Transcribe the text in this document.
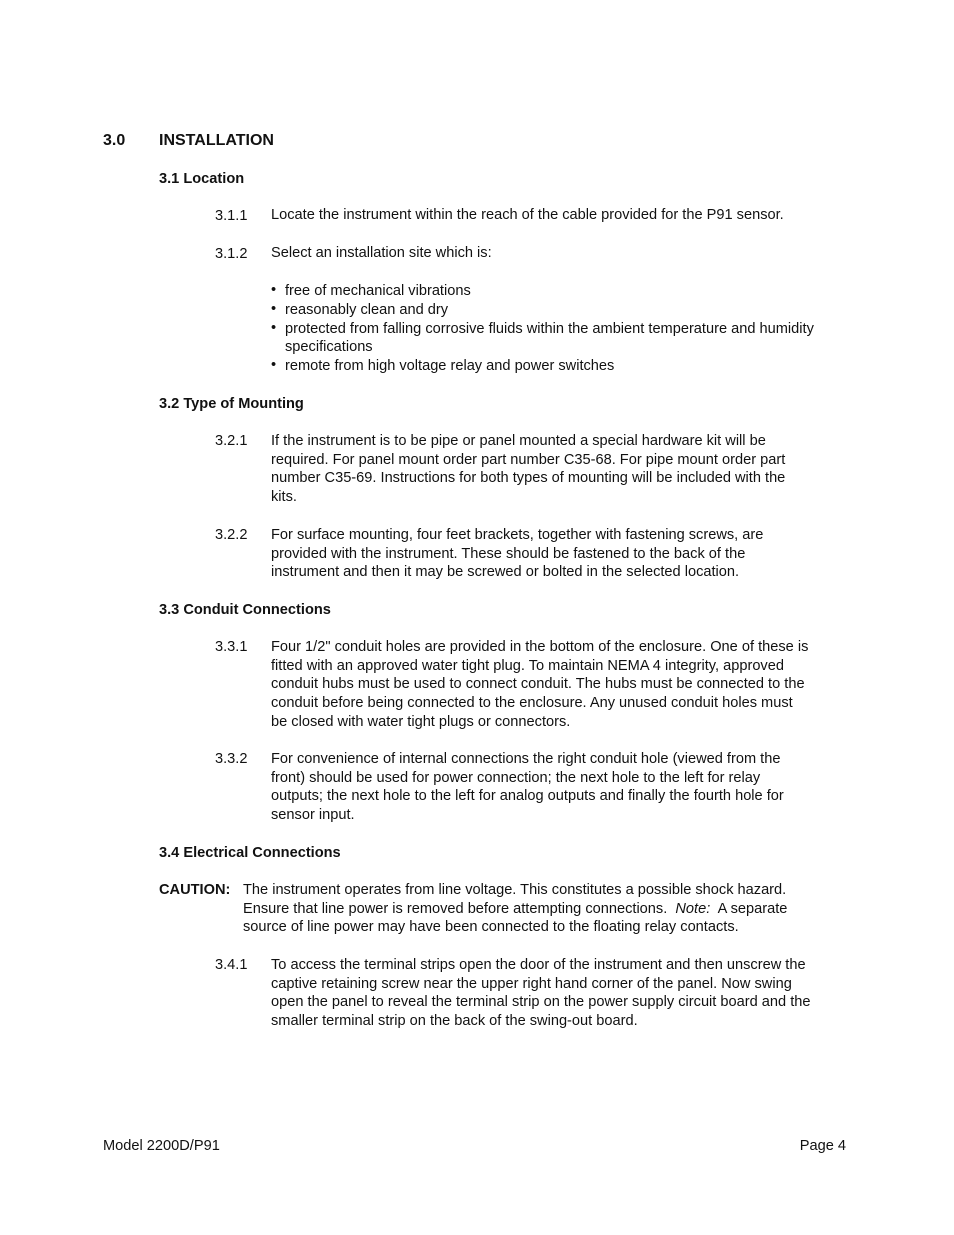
3.0 INSTALLATION
3.1 Location
3.1.1 Locate the instrument within the reach of the cable provided for the P91 sensor.
3.1.2 Select an installation site which is:
• free of mechanical vibrations
• reasonably clean and dry
• protected from falling corrosive fluids within the ambient temperature and humidity
specifications
• remote from high voltage relay and power switches
3.2 Type of Mounting
3.2.1 If the instrument is to be pipe or panel mounted a special hardware kit will be
required. For panel mount order part number C35-68. For pipe mount order part
number C35-69. Instructions for both types of mounting will be included with the
kits.
3.2.2 For surface mounting, four feet brackets, together with fastening screws, are
provided with the instrument. These should be fastened to the back of the
instrument and then it may be screwed or bolted in the selected location.
3.3 Conduit Connections
3.3.1 Four 1/2" conduit holes are provided in the bottom of the enclosure. One of these is
fitted with an approved water tight plug. To maintain NEMA 4 integrity, approved
conduit hubs must be used to connect conduit. The hubs must be connected to the
conduit before being connected to the enclosure. Any unused conduit holes must
be closed with water tight plugs or connectors.
3.3.2 For convenience of internal connections the right conduit hole (viewed from the
front) should be used for power connection; the next hole to the left for relay
outputs; the next hole to the left for analog outputs and finally the fourth hole for
sensor input.
3.4 Electrical Connections
CAUTION: The instrument operates from line voltage. This constitutes a possible shock hazard.
Ensure that line power is removed before attempting connections.  Note:  A separate
source of line power may have been connected to the floating relay contacts.
3.4.1 To access the terminal strips open the door of the instrument and then unscrew the
captive retaining screw near the upper right hand corner of the panel. Now swing
open the panel to reveal the terminal strip on the power supply circuit board and the
smaller terminal strip on the back of the swing-out board.
Model 2200D/P91	Page 4
